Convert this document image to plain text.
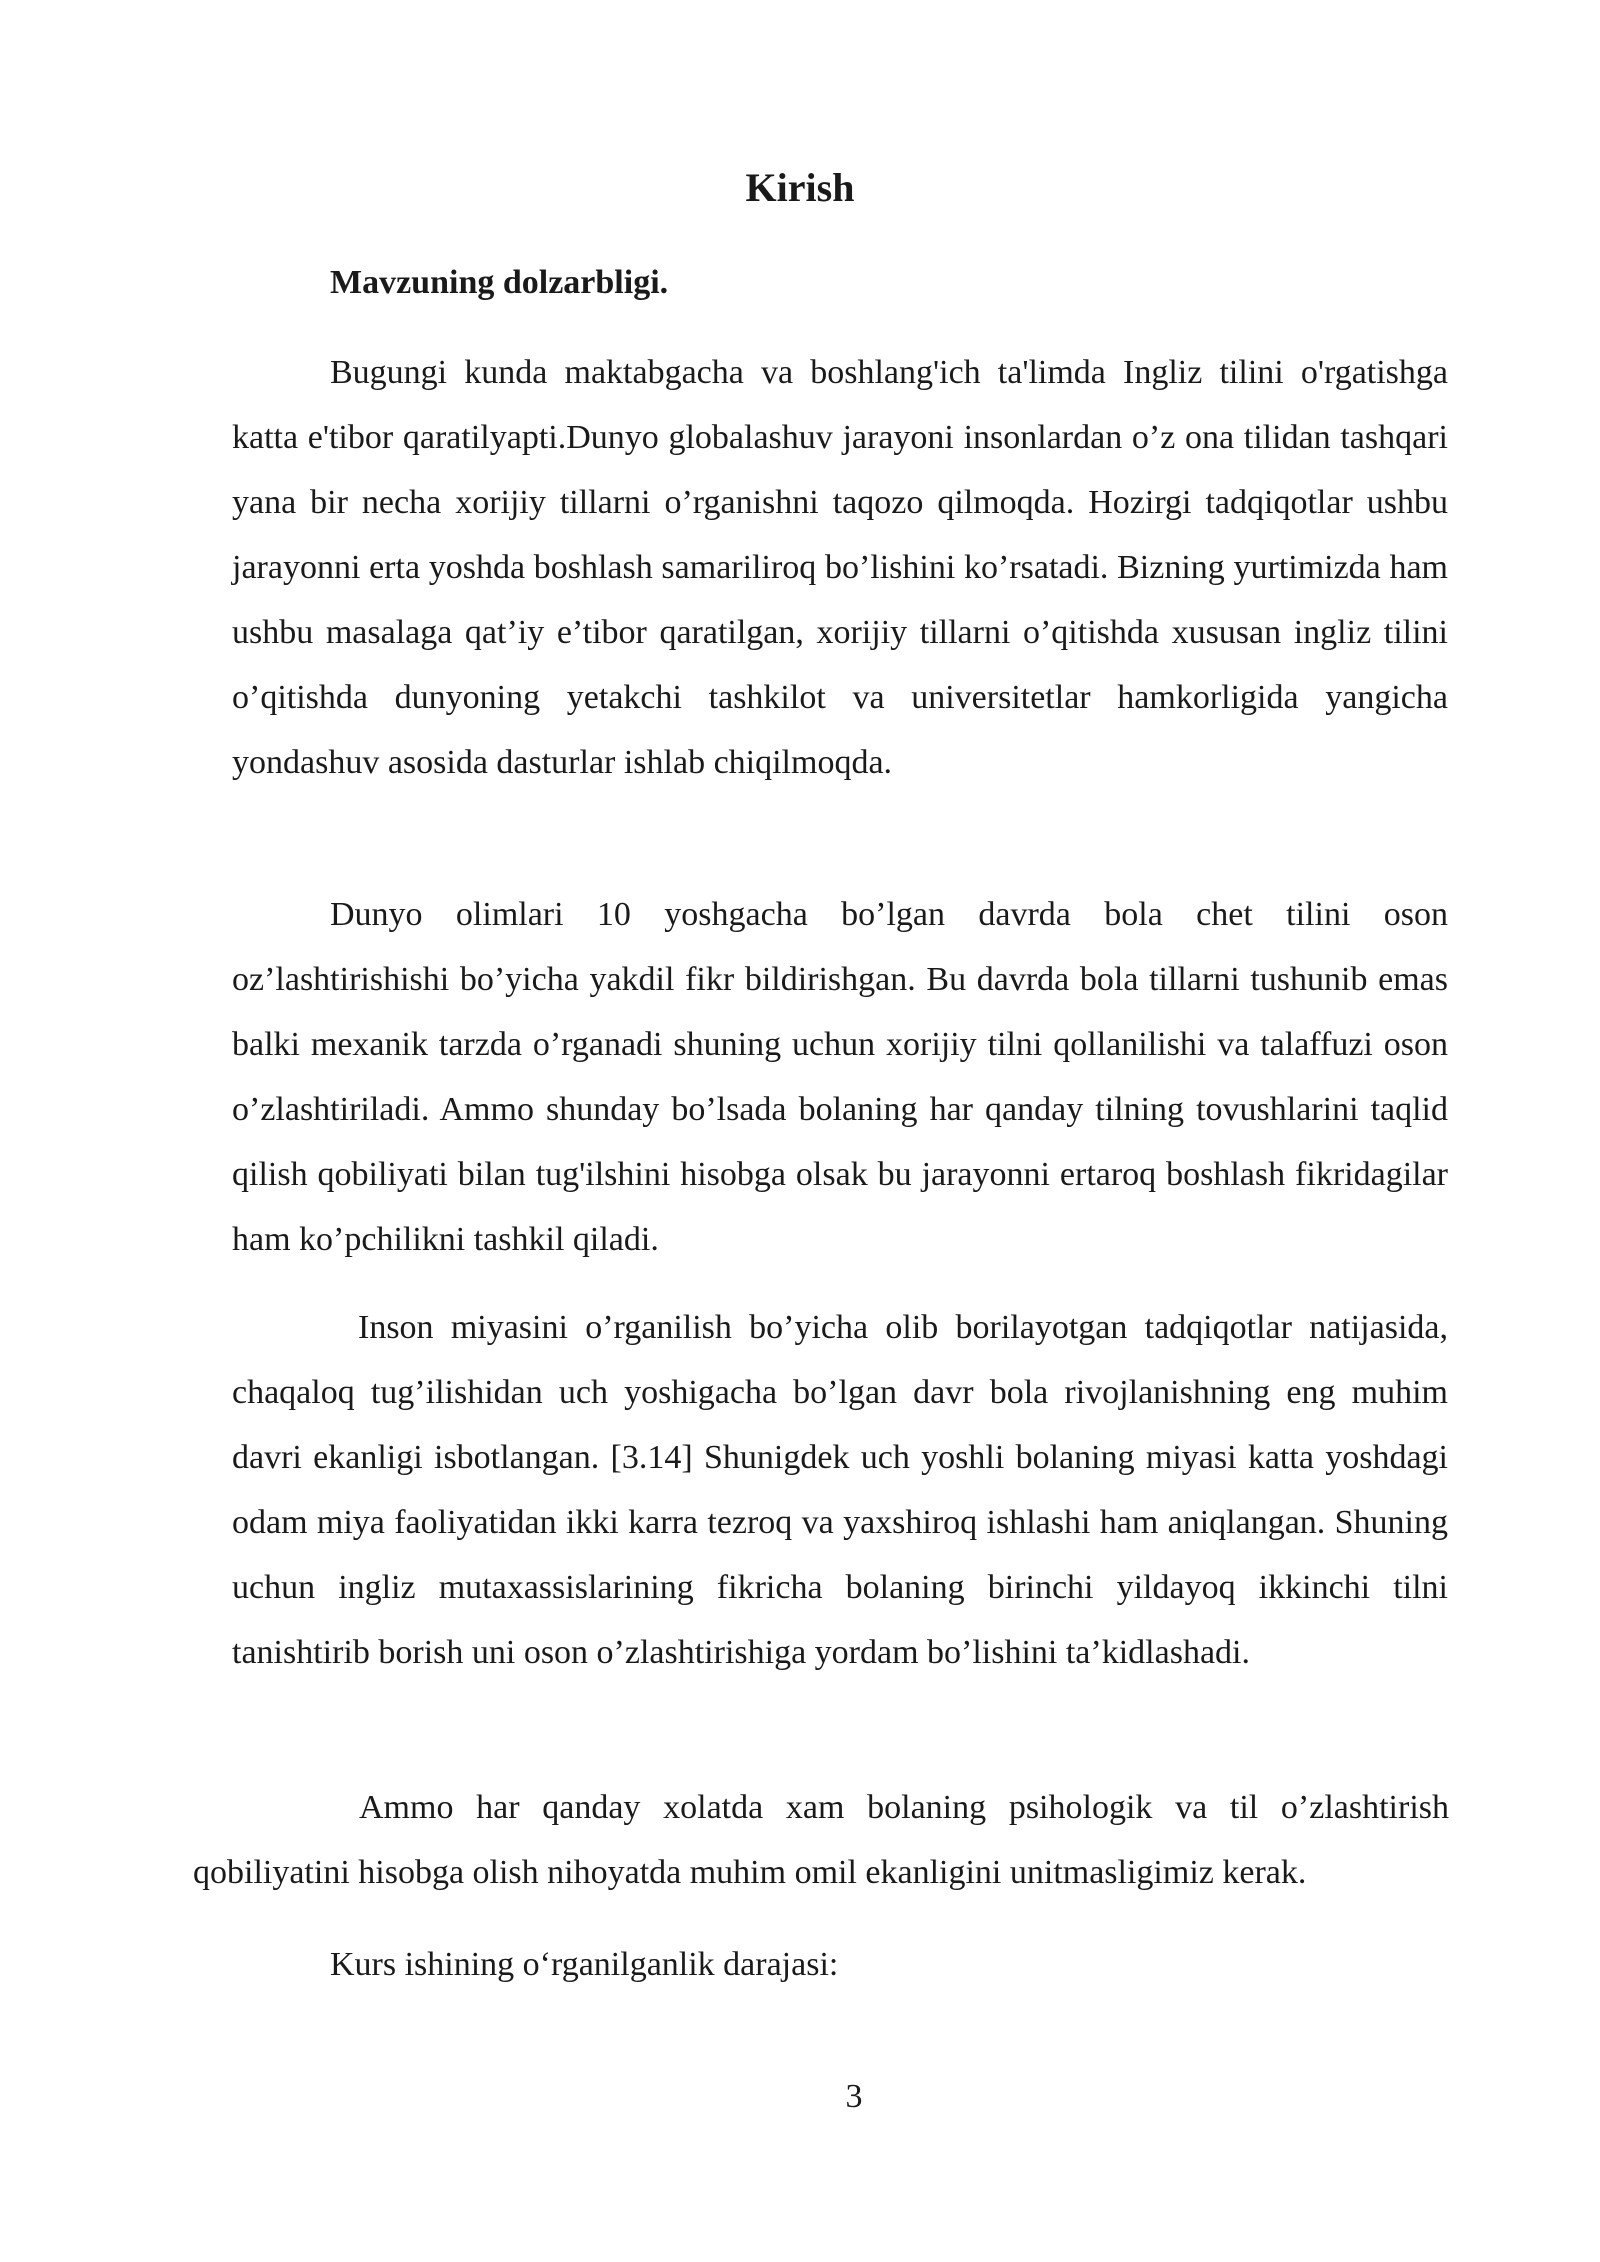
Kirish
Mavzuning dolzarbligi.

Bugungi kunda maktabgacha va boshlang'ich ta'limda Ingliz tilini o'rgatishga katta e'tibor qaratilyapti.Dunyo globalashuv jarayoni insonlardan o’z ona tilidan tashqari yana bir necha xorijiy tillarni o’rganishni taqozo qilmoqda. Hozirgi tadqiqotlar ushbu jarayonni erta yoshda boshlash samariliroq bo’lishini ko’rsatadi. Bizning yurtimizda ham ushbu masalaga qat’iy e’tibor qaratilgan, xorijiy tillarni o’qitishda xususan ingliz tilini o’qitishda dunyoning yetakchi tashkilot va universitetlar hamkorligida yangicha yondashuv asosida dasturlar ishlab chiqilmoqda.

Dunyo olimlari 10 yoshgacha bo’lgan davrda bola chet tilini oson oz’lashtirishishi bo’yicha yakdil fikr bildirishgan. Bu davrda bola tillarni tushunib emas balki mexanik tarzda o’rganadi shuning uchun xorijiy tilni qollanilishi va talaffuzi oson o’zlashtiriladi. Ammo shunday bo’lsada bolaning har qanday tilning tovushlarini taqlid qilish qobiliyati bilan tug'ilshini hisobga olsak bu jarayonni ertaroq boshlash fikridagilar ham ko’pchilikni tashkil qiladi.

Inson miyasini o’rganilish bo’yicha olib borilayotgan tadqiqotlar natijasida, chaqaloq tug’ilishidan uch yoshigacha bo’lgan davr bola rivojlanishning eng muhim davri ekanligi isbotlangan. [3.14] Shunigdek uch yoshli bolaning miyasi katta yoshdagi odam miya faoliyatidan ikki karra tezroq va yaxshiroq ishlashi ham aniqlangan. Shuning uchun ingliz mutaxassislarining fikricha bolaning birinchi yildayoq ikkinchi tilni tanishtirib borish uni oson o’zlashtirishiga yordam bo’lishini ta’kidlashadi.

Ammo har qanday xolatda xam bolaning psihologik va til o’zlashtirish qobiliyatini hisobga olish nihoyatda muhim omil ekanligini unitmasligimiz kerak.

Kurs ishining o‘rganilganlik darajasi:

3
